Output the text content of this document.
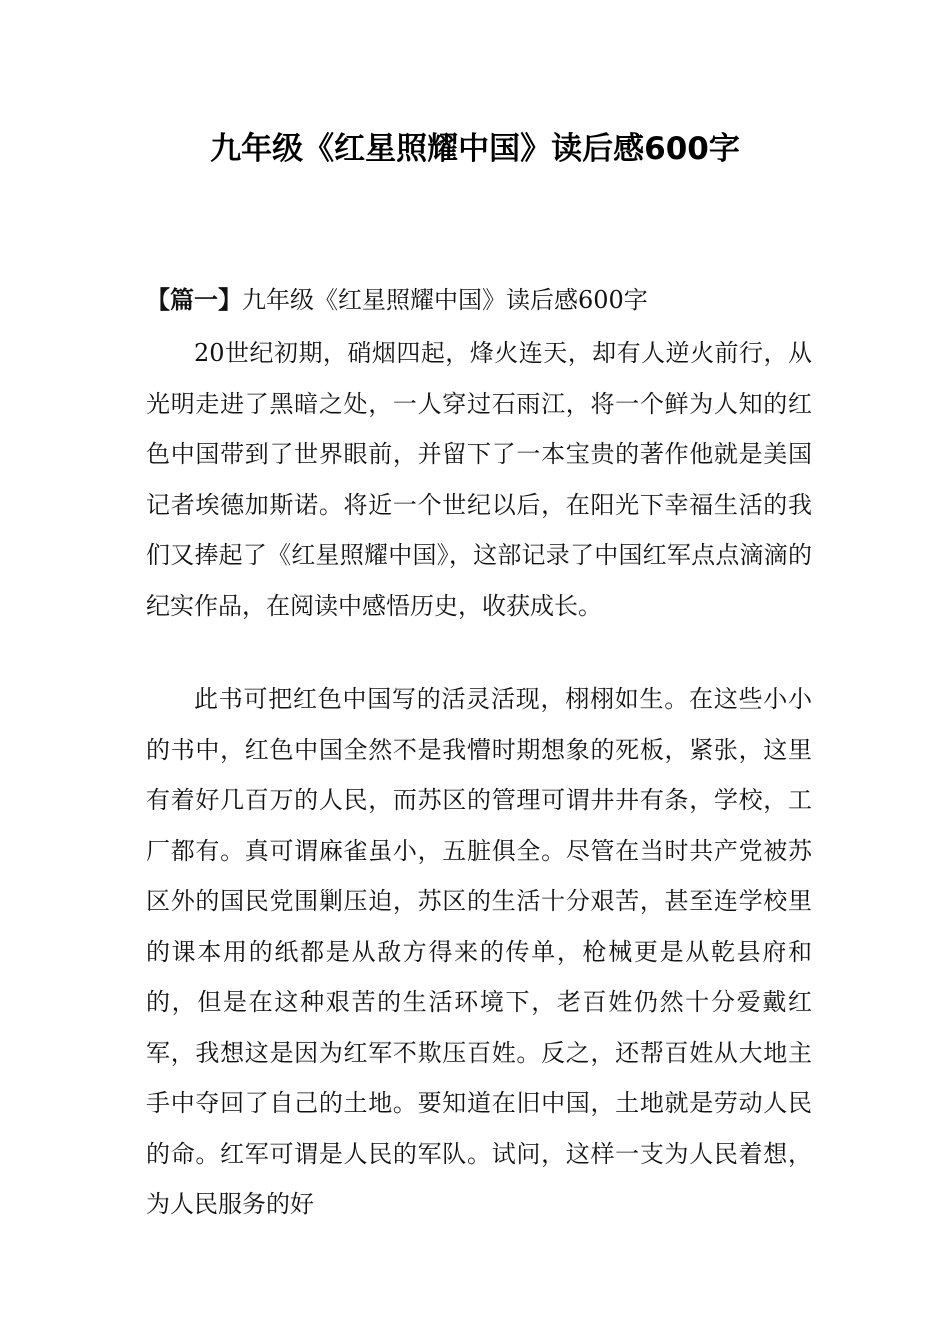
九年级《红星照耀中国》读后感600字

【篇一】九年级《红星照耀中国》读后感600字

20世纪初期，硝烟四起，烽火连天，却有人逆火前行，从光明走进了黑暗之处，一人穿过石雨江，将一个鲜为人知的红色中国带到了世界眼前，并留下了一本宝贵的著作他就是美国记者埃德加斯诺。将近一个世纪以后，在阳光下幸福生活的我们又捧起了《红星照耀中国》，这部记录了中国红军点点滴滴的纪实作品，在阅读中感悟历史，收获成长。

此书可把红色中国写的活灵活现，栩栩如生。在这些小小的书中，红色中国全然不是我懵时期想象的死板，紧张，这里有着好几百万的人民，而苏区的管理可谓井井有条，学校，工厂都有。真可谓麻雀虽小，五脏俱全。尽管在当时共产党被苏区外的国民党围剿压迫，苏区的生活十分艰苦，甚至连学校里的课本用的纸都是从敌方得来的传单，枪械更是从乾县府和的，但是在这种艰苦的生活环境下，老百姓仍然十分爱戴红军，我想这是因为红军不欺压百姓。反之，还帮百姓从大地主手中夺回了自己的土地。要知道在旧中国，土地就是劳动人民的命。红军可谓是人民的军队。试问，这样一支为人民着想，为人民服务的好
